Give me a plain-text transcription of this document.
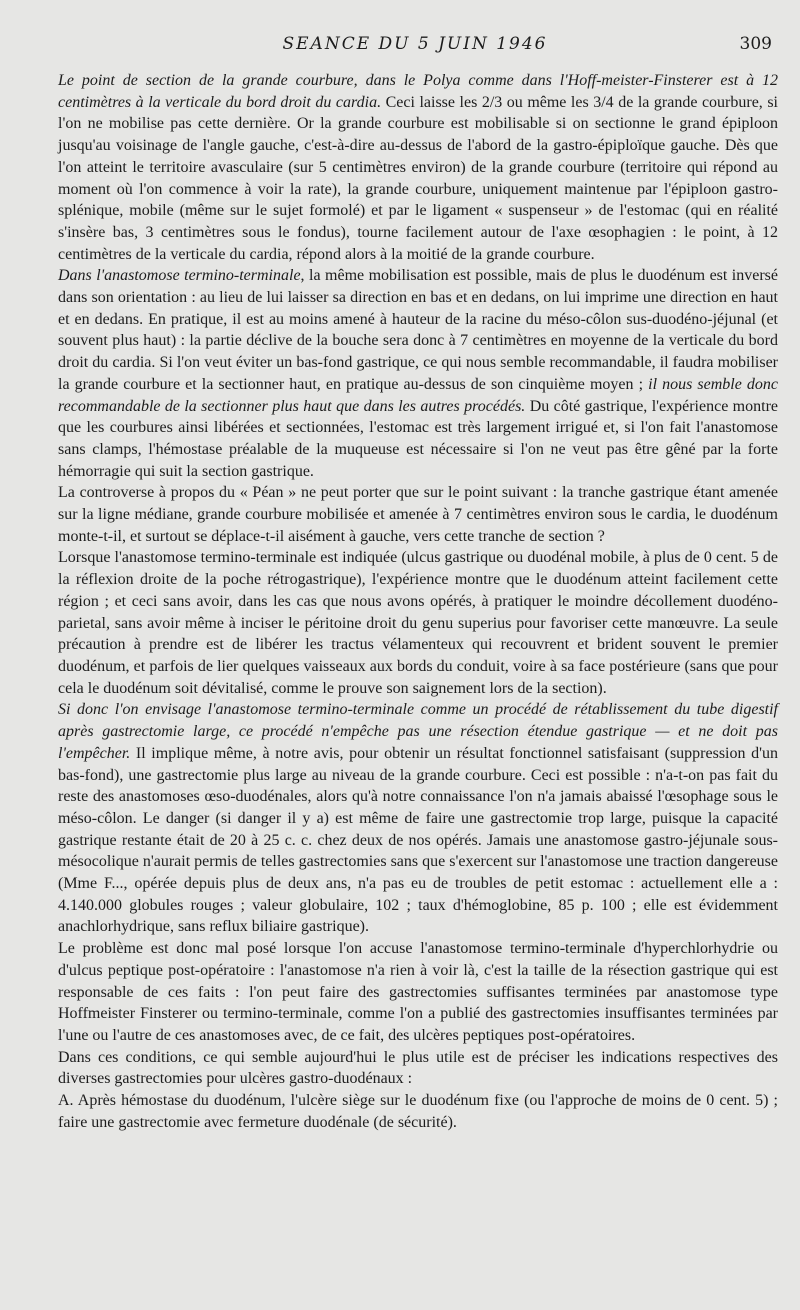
SEANCE DU 5 JUIN 1946	309

Le point de section de la grande courbure, dans le Polya comme dans l'Hoff-meister-Finsterer est à 12 centimètres à la verticale du bord droit du cardia. Ceci laisse les 2/3 ou même les 3/4 de la grande courbure, si l'on ne mobilise pas cette dernière. Or la grande courbure est mobilisable si on sectionne le grand épiploon jusqu'au voisinage de l'angle gauche, c'est-à-dire au-dessus de l'abord de la gastro-épiploïque gauche. Dès que l'on atteint le territoire avasculaire (sur 5 centimètres environ) de la grande courbure (territoire qui répond au moment où l'on commence à voir la rate), la grande courbure, uniquement maintenue par l'épiploon gastro-splénique, mobile (même sur le sujet formolé) et par le ligament « suspenseur » de l'estomac (qui en réalité s'insère bas, 3 centimètres sous le fondus), tourne facilement autour de l'axe œsophagien : le point, à 12 centimètres de la verticale du cardia, répond alors à la moitié de la grande courbure.

Dans l'anastomose termino-terminale, la même mobilisation est possible, mais de plus le duodénum est inversé dans son orientation : au lieu de lui laisser sa direction en bas et en dedans, on lui imprime une direction en haut et en dedans. En pratique, il est au moins amené à hauteur de la racine du méso-côlon sus-duodéno-jéjunal (et souvent plus haut) : la partie déclive de la bouche sera donc à 7 centimètres en moyenne de la verticale du bord droit du cardia. Si l'on veut éviter un bas-fond gastrique, ce qui nous semble recommandable, il faudra mobiliser la grande courbure et la sectionner haut, en pratique au-dessus de son cinquième moyen ; il nous semble donc recommandable de la sectionner plus haut que dans les autres procédés. Du côté gastrique, l'expérience montre que les courbures ainsi libérées et sectionnées, l'estomac est très largement irrigué et, si l'on fait l'anastomose sans clamps, l'hémostase préalable de la muqueuse est nécessaire si l'on ne veut pas être gêné par la forte hémorragie qui suit la section gastrique.

La controverse à propos du « Péan » ne peut porter que sur le point suivant : la tranche gastrique étant amenée sur la ligne médiane, grande courbure mobilisée et amenée à 7 centimètres environ sous le cardia, le duodénum monte-t-il, et surtout se déplace-t-il aisément à gauche, vers cette tranche de section ?

Lorsque l'anastomose termino-terminale est indiquée (ulcus gastrique ou duodénal mobile, à plus de 0 cent. 5 de la réflexion droite de la poche rétrogastrique), l'expérience montre que le duodénum atteint facilement cette région ; et ceci sans avoir, dans les cas que nous avons opérés, à pratiquer le moindre décollement duodéno-parietal, sans avoir même à inciser le péritoine droit du genu superius pour favoriser cette manœuvre. La seule précaution à prendre est de libérer les tractus vélamenteux qui recouvrent et brident souvent le premier duodénum, et parfois de lier quelques vaisseaux aux bords du conduit, voire à sa face postérieure (sans que pour cela le duodénum soit dévitalisé, comme le prouve son saignement lors de la section).

Si donc l'on envisage l'anastomose termino-terminale comme un procédé de rétablissement du tube digestif après gastrectomie large, ce procédé n'empêche pas une résection étendue gastrique — et ne doit pas l'empêcher. Il implique même, à notre avis, pour obtenir un résultat fonctionnel satisfaisant (suppression d'un bas-fond), une gastrectomie plus large au niveau de la grande courbure. Ceci est possible : n'a-t-on pas fait du reste des anastomoses œso-duodénales, alors qu'à notre connaissance l'on n'a jamais abaissé l'œsophage sous le méso-côlon. Le danger (si danger il y a) est même de faire une gastrectomie trop large, puisque la capacité gastrique restante était de 20 à 25 c. c. chez deux de nos opérés. Jamais une anastomose gastro-jéjunale sous-mésocolique n'aurait permis de telles gastrectomies sans que s'exercent sur l'anastomose une traction dangereuse (Mme F..., opérée depuis plus de deux ans, n'a pas eu de troubles de petit estomac : actuellement elle a : 4.140.000 globules rouges ; valeur globulaire, 102 ; taux d'hémoglobine, 85 p. 100 ; elle est évidemment anachlorhydrique, sans reflux biliaire gastrique).

Le problème est donc mal posé lorsque l'on accuse l'anastomose termino-terminale d'hyperchlorhydrie ou d'ulcus peptique post-opératoire : l'anastomose n'a rien à voir là, c'est la taille de la résection gastrique qui est responsable de ces faits : l'on peut faire des gastrectomies suffisantes terminées par anastomose type Hoffmeister Finsterer ou termino-terminale, comme l'on a publié des gastrectomies insuffisantes terminées par l'une ou l'autre de ces anastomoses avec, de ce fait, des ulcères peptiques post-opératoires.

Dans ces conditions, ce qui semble aujourd'hui le plus utile est de préciser les indications respectives des diverses gastrectomies pour ulcères gastro-duodénaux :

A. Après hémostase du duodénum, l'ulcère siège sur le duodénum fixe (ou l'approche de moins de 0 cent. 5) ; faire une gastrectomie avec fermeture duodénale (de sécurité).
